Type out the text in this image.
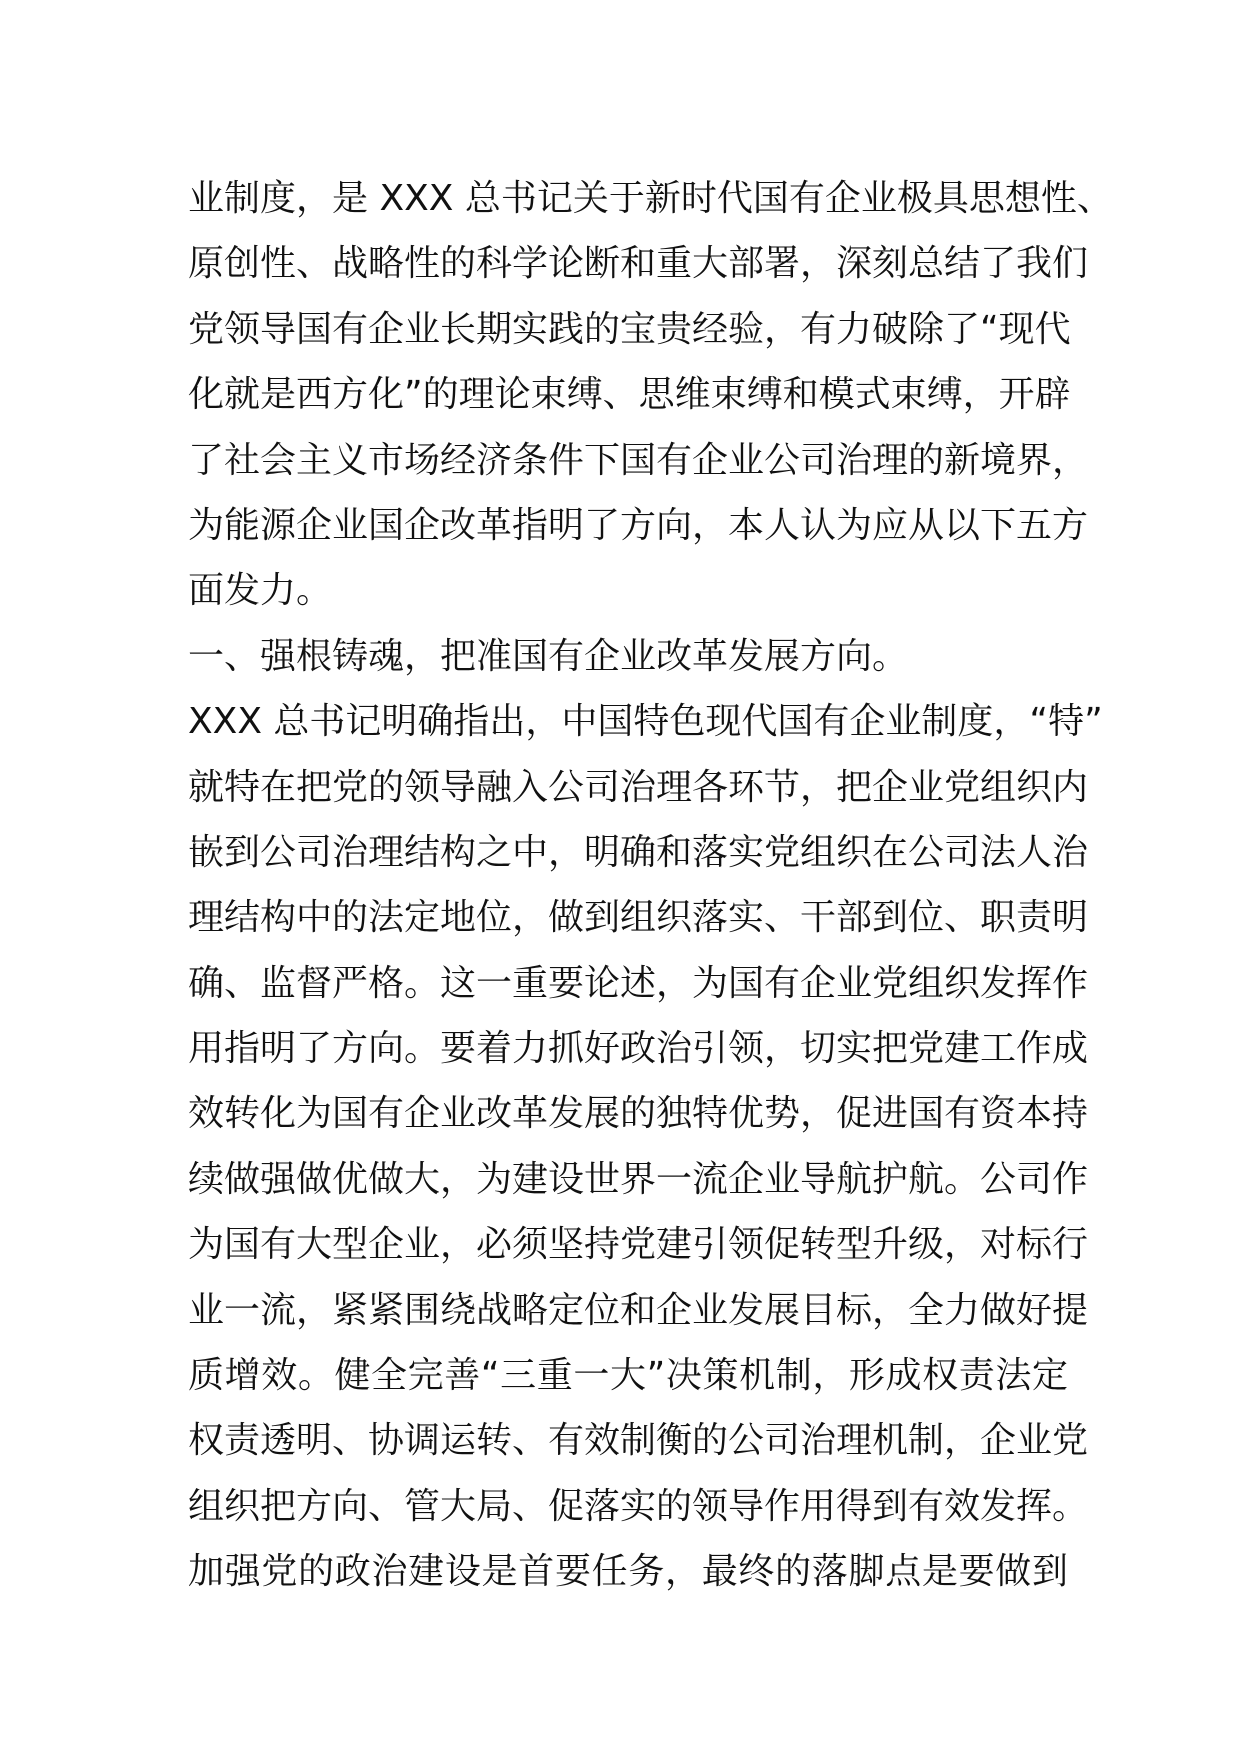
业制度，是 XXX 总书记关于新时代国有企业极具思想性、
原创性、战略性的科学论断和重大部署，深刻总结了我们
党领导国有企业长期实践的宝贵经验，有力破除了“现代
化就是西方化”的理论束缚、思维束缚和模式束缚，开辟
了社会主义市场经济条件下国有企业公司治理的新境界，
为能源企业国企改革指明了方向，本人认为应从以下五方
面发力。
一、强根铸魂，把准国有企业改革发展方向。
XXX 总书记明确指出，中国特色现代国有企业制度，“特”
就特在把党的领导融入公司治理各环节，把企业党组织内
嵌到公司治理结构之中，明确和落实党组织在公司法人治
理结构中的法定地位，做到组织落实、干部到位、职责明
确、监督严格。这一重要论述，为国有企业党组织发挥作
用指明了方向。要着力抓好政治引领，切实把党建工作成
效转化为国有企业改革发展的独特优势，促进国有资本持
续做强做优做大，为建设世界一流企业导航护航。公司作
为国有大型企业，必须坚持党建引领促转型升级，对标行
业一流，紧紧围绕战略定位和企业发展目标，全力做好提
质增效。健全完善“三重一大”决策机制，形成权责法定
权责透明、协调运转、有效制衡的公司治理机制，企业党
组织把方向、管大局、促落实的领导作用得到有效发挥。
加强党的政治建设是首要任务，最终的落脚点是要做到
